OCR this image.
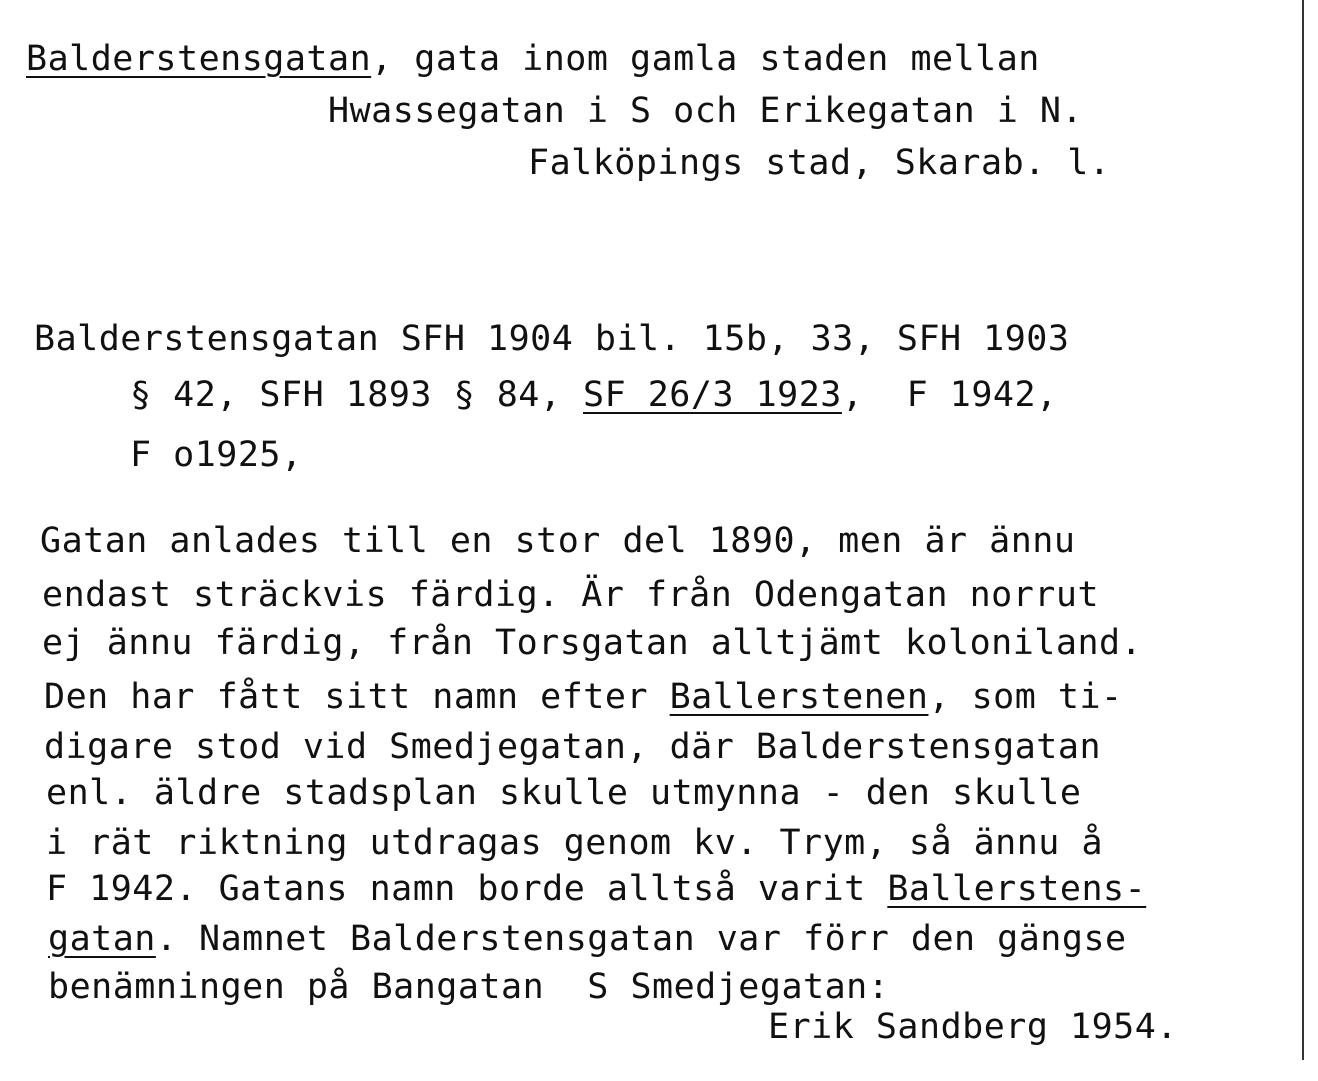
Balderstensgatan, gata inom gamla staden mellan
Hwassegatan i S och Erikegatan i N.
Falköpings stad, Skarab. l.
Balderstensgatan SFH 1904 bil. 15b, 33, SFH 1903
§ 42, SFH 1893 § 84, SF 26/3 1923,  F 1942,
F o1925,
Gatan anlades till en stor del 1890, men är ännu
endast sträckvis färdig. Är från Odengatan norrut
ej ännu färdig, från Torsgatan alltjämt koloniland.
Den har fått sitt namn efter Ballerstenen, som ti-
digare stod vid Smedjegatan, där Balderstensgatan
enl. äldre stadsplan skulle utmynna - den skulle
i rät riktning utdragas genom kv. Trym, så ännu å
F 1942. Gatans namn borde alltså varit Ballerstens-
gatan. Namnet Balderstensgatan var förr den gängse
benämningen på Bangatan  S Smedjegatan:
Erik Sandberg 1954.
